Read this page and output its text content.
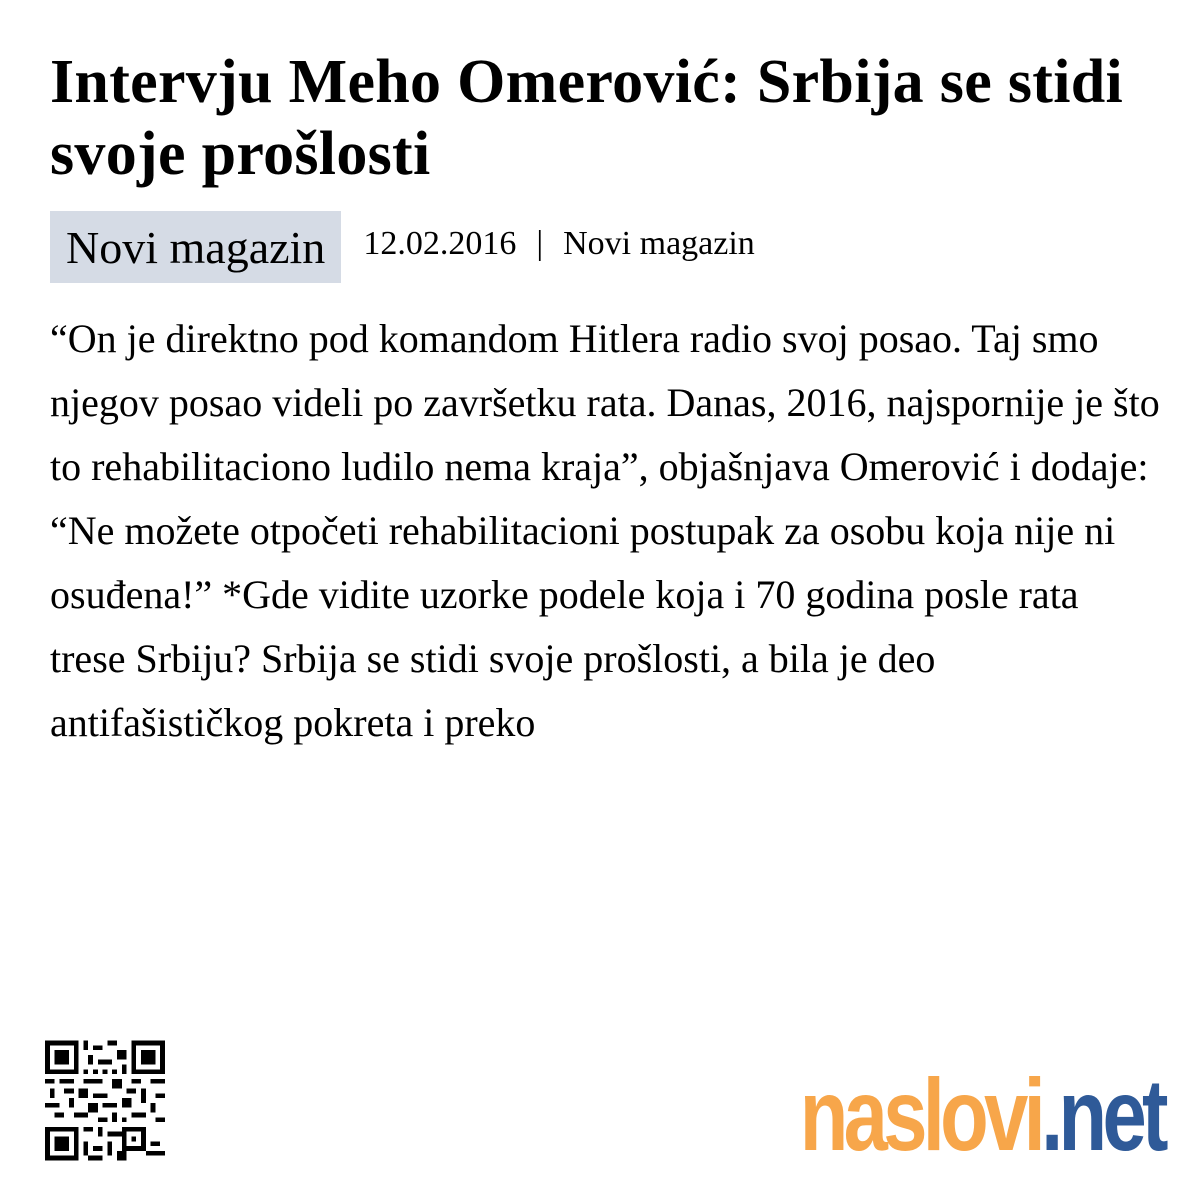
Intervju Meho Omerović: Srbija se stidi svoje prošlosti
Novi magazin	12.02.2016 | Novi magazin

“On je direktno pod komandom Hitlera radio svoj posao. Taj smo njegov posao videli po završetku rata. Danas, 2016, najspornije je što to rehabilitaciono ludilo nema kraja”, objašnjava Omerović i dodaje: “Ne možete otpočeti rehabilitacioni postupak za osobu koja nije ni osuđena!” *Gde vidite uzorke podele koja i 70 godina posle rata trese Srbiju? Srbija se stidi svoje prošlosti, a bila je deo antifašističkog pokreta i preko

naslovi.net
